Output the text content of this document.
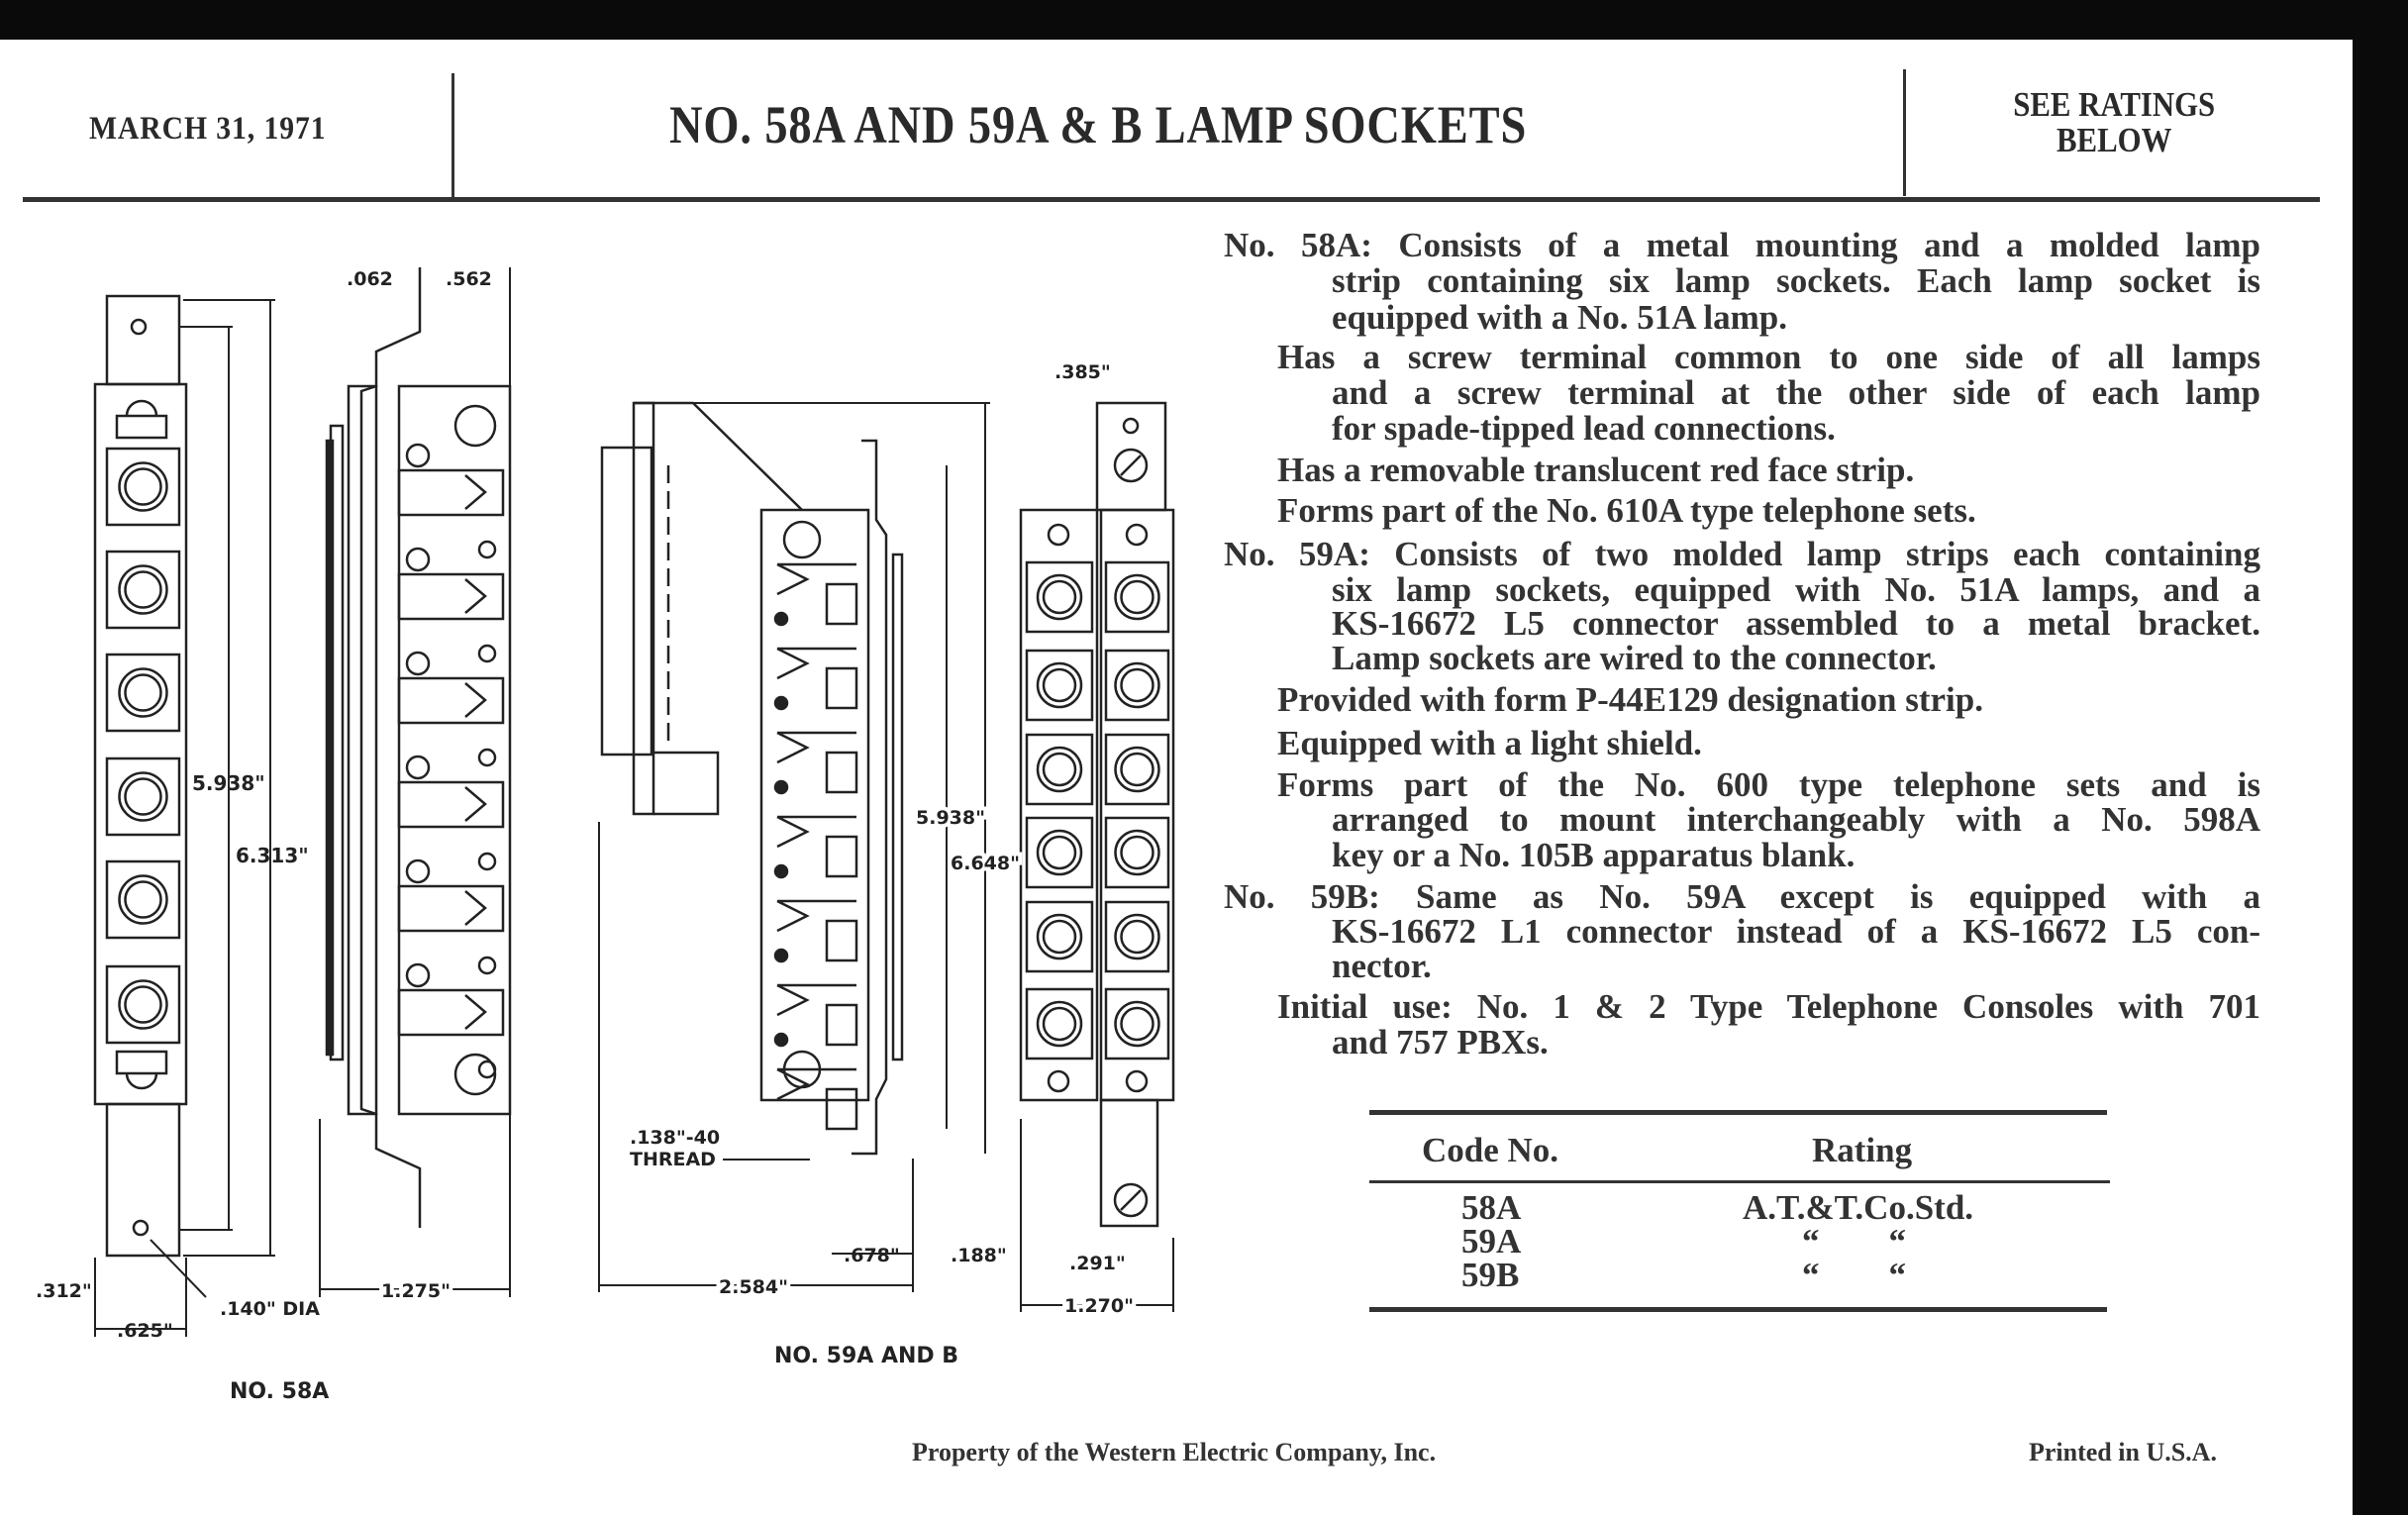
MARCH 31, 1971	NO. 58A AND 59A & B LAMP SOCKETS	SEE RATINGS
BELOW
.062	.562
5.938"
6.313"
.312"
.625"
.140" DIA
1.275"
NO. 58A
.385"
5.938"
6.648"
.138"-40
THREAD
.678"	.188"
2.584"
.291"
1.270"
NO. 59A AND B
No. 58A: Consists of a metal mounting and a molded lamp
strip containing six lamp sockets. Each lamp socket is
equipped with a No. 51A lamp.
Has a screw terminal common to one side of all lamps
and a screw terminal at the other side of each lamp
for spade-tipped lead connections.
Has a removable translucent red face strip.
Forms part of the No. 610A type telephone sets.
No. 59A: Consists of two molded lamp strips each containing
six lamp sockets, equipped with No. 51A lamps, and a
KS-16672 L5 connector assembled to a metal bracket.
Lamp sockets are wired to the connector.
Provided with form P-44E129 designation strip.
Equipped with a light shield.
Forms part of the No. 600 type telephone sets and is
arranged to mount interchangeably with a No. 598A
key or a No. 105B apparatus blank.
No. 59B: Same as No. 59A except is equipped with a
KS-16672 L1 connector instead of a KS-16672 L5 con-
nector.
Initial use: No. 1 & 2 Type Telephone Consoles with 701
and 757 PBXs.
Code No.	Rating
58A	A.T.&T.Co.Std.
59A	“        “
59B	“        “
Property of the Western Electric Company, Inc.	Printed in U.S.A.
